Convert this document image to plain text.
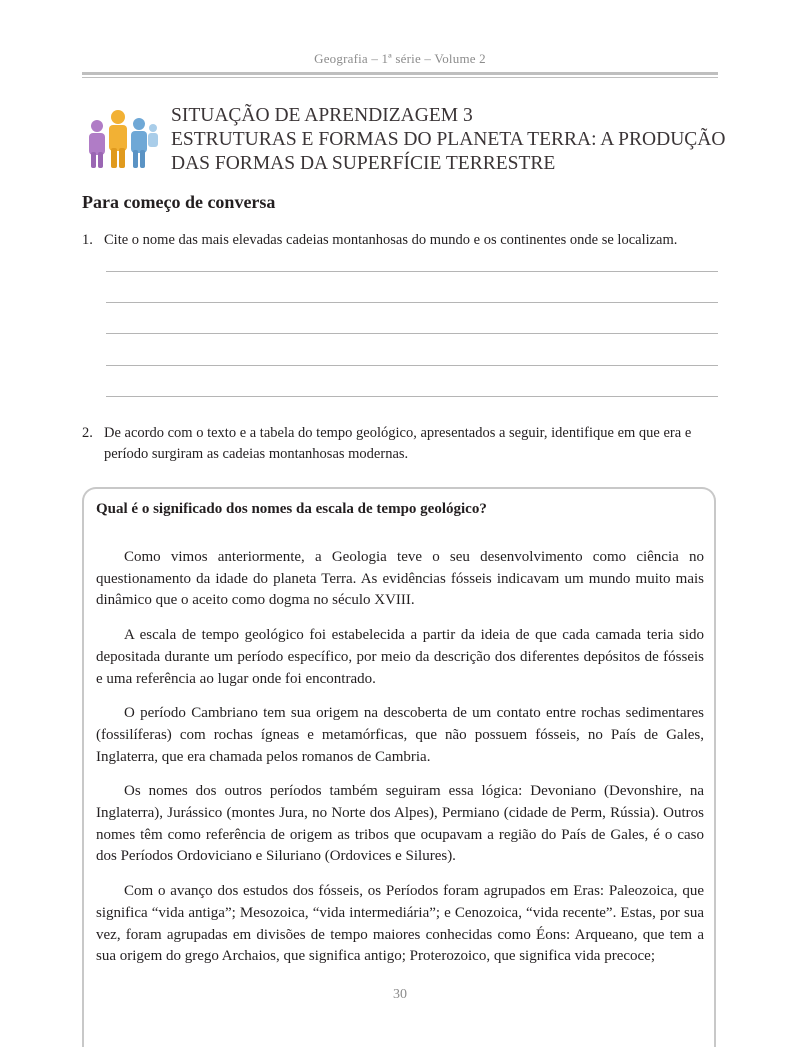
Geografia – 1ª série – Volume 2
SITUAÇÃO DE APRENDIZAGEM 3
ESTRUTURAS E FORMAS DO PLANETA TERRA: A PRODUÇÃO
DAS FORMAS DA SUPERFÍCIE TERRESTRE
Para começo de conversa
1. Cite o nome das mais elevadas cadeias montanhosas do mundo e os continentes onde se localizam.
2. De acordo com o texto e a tabela do tempo geológico, apresentados a seguir, identifique em que era e período surgiram as cadeias montanhosas modernas.
Qual é o significado dos nomes da escala de tempo geológico?

Como vimos anteriormente, a Geologia teve o seu desenvolvimento como ciência no questionamento da idade do planeta Terra. As evidências fósseis indicavam um mundo muito mais dinâmico que o aceito como dogma no século XVIII.

A escala de tempo geológico foi estabelecida a partir da ideia de que cada camada teria sido depositada durante um período específico, por meio da descrição dos diferentes depósitos de fósseis e uma referência ao lugar onde foi encontrado.

O período Cambriano tem sua origem na descoberta de um contato entre rochas sedimentares (fossilíferas) com rochas ígneas e metamórficas, que não possuem fósseis, no País de Gales, Inglaterra, que era chamada pelos romanos de Cambria.

Os nomes dos outros períodos também seguiram essa lógica: Devoniano (Devonshire, na Inglaterra), Jurássico (montes Jura, no Norte dos Alpes), Permiano (cidade de Perm, Rússia). Outros nomes têm como referência de origem as tribos que ocupavam a região do País de Gales, é o caso dos Períodos Ordoviciano e Siluriano (Ordovices e Silures).

Com o avanço dos estudos dos fósseis, os Períodos foram agrupados em Eras: Paleozoica, que significa “vida antiga”; Mesozoica, “vida intermediária”; e Cenozoica, “vida recente”. Estas, por sua vez, foram agrupadas em divisões de tempo maiores conhecidas como Éons: Arqueano, que tem a sua origem do grego Archaios, que significa antigo; Proterozoico, que significa vida precoce;

30
